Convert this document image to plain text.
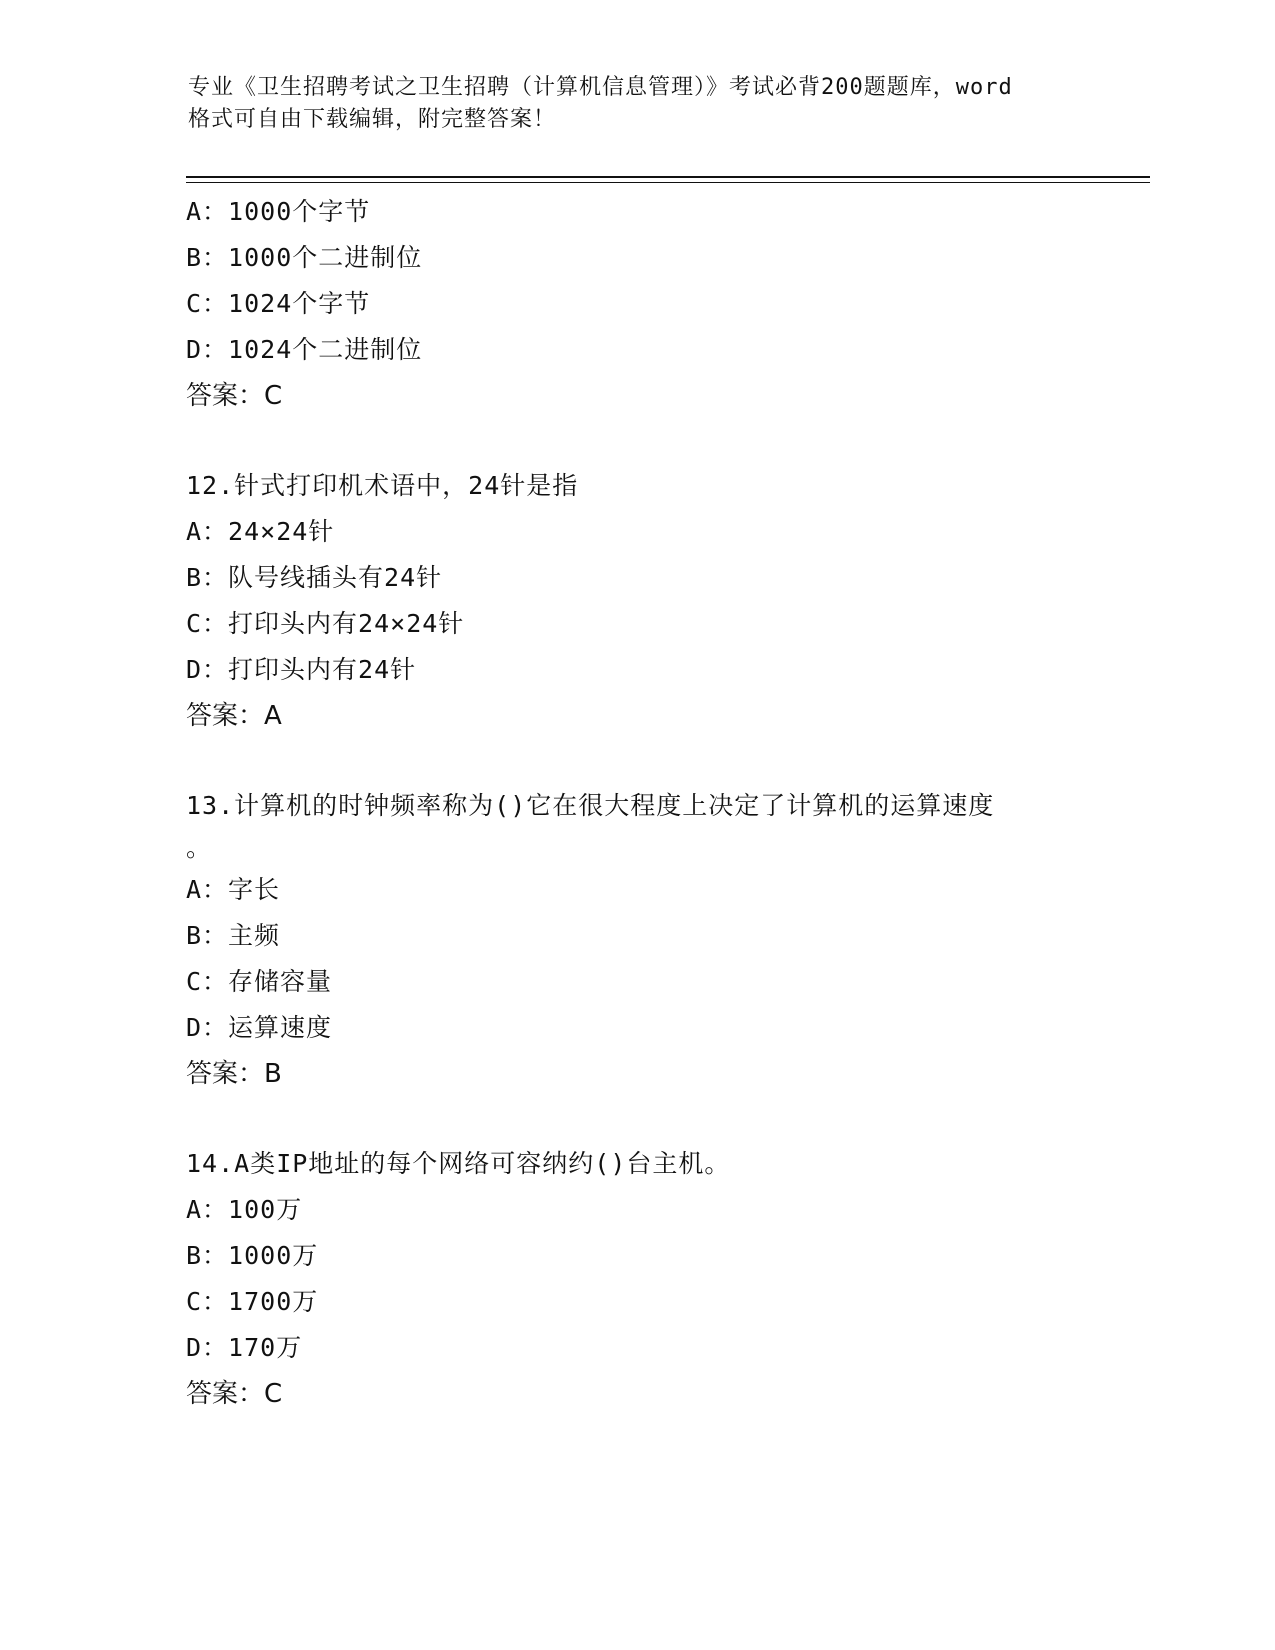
专业《卫生招聘考试之卫生招聘（计算机信息管理）》考试必背200题题库，word
格式可自由下载编辑，附完整答案！
A：1000个字节
B：1000个二进制位
C：1024个字节
D：1024个二进制位
答案：C
12.针式打印机术语中，24针是指
A：24×24针
B：队号线插头有24针
C：打印头内有24×24针
D：打印头内有24针
答案：A
13.计算机的时钟频率称为()它在很大程度上决定了计算机的运算速度
。
A：字长
B：主频
C：存储容量
D：运算速度
答案：B
14.A类IP地址的每个网络可容纳约()台主机。
A：100万
B：1000万
C：1700万
D：170万
答案：C
